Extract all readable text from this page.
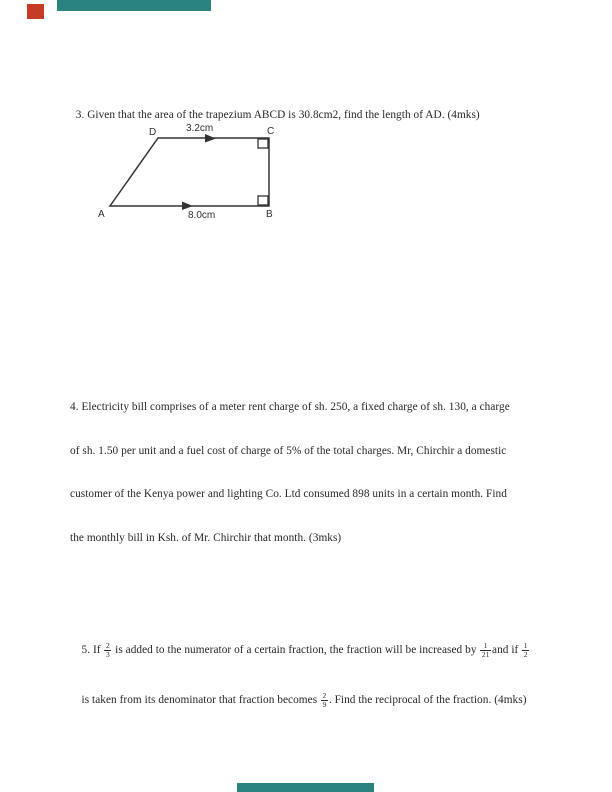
3. Given that the area of the trapezium ABCD is 30.8cm2, find the length of AD. (4mks)

D	3.2cm	C
A	8.0cm	B

4. Electricity bill comprises of a meter rent charge of sh. 250, a fixed charge of sh. 130, a charge

of sh. 1.50 per unit and a fuel cost of charge of 5% of the total charges. Mr, Chirchir a domestic

customer of the Kenya power and lighting Co. Ltd consumed 898 units in a certain month. Find

the monthly bill in Ksh. of Mr. Chirchir that month. (3mks)

5. If $\frac{2}{3}$ is added to the numerator of a certain fraction, the fraction will be increased by $\frac{1}{21}$ and if $\frac{1}{2}$

is taken from its denominator that fraction becomes $\frac{2}{9}$ . Find the reciprocal of the fraction. (4mks)
